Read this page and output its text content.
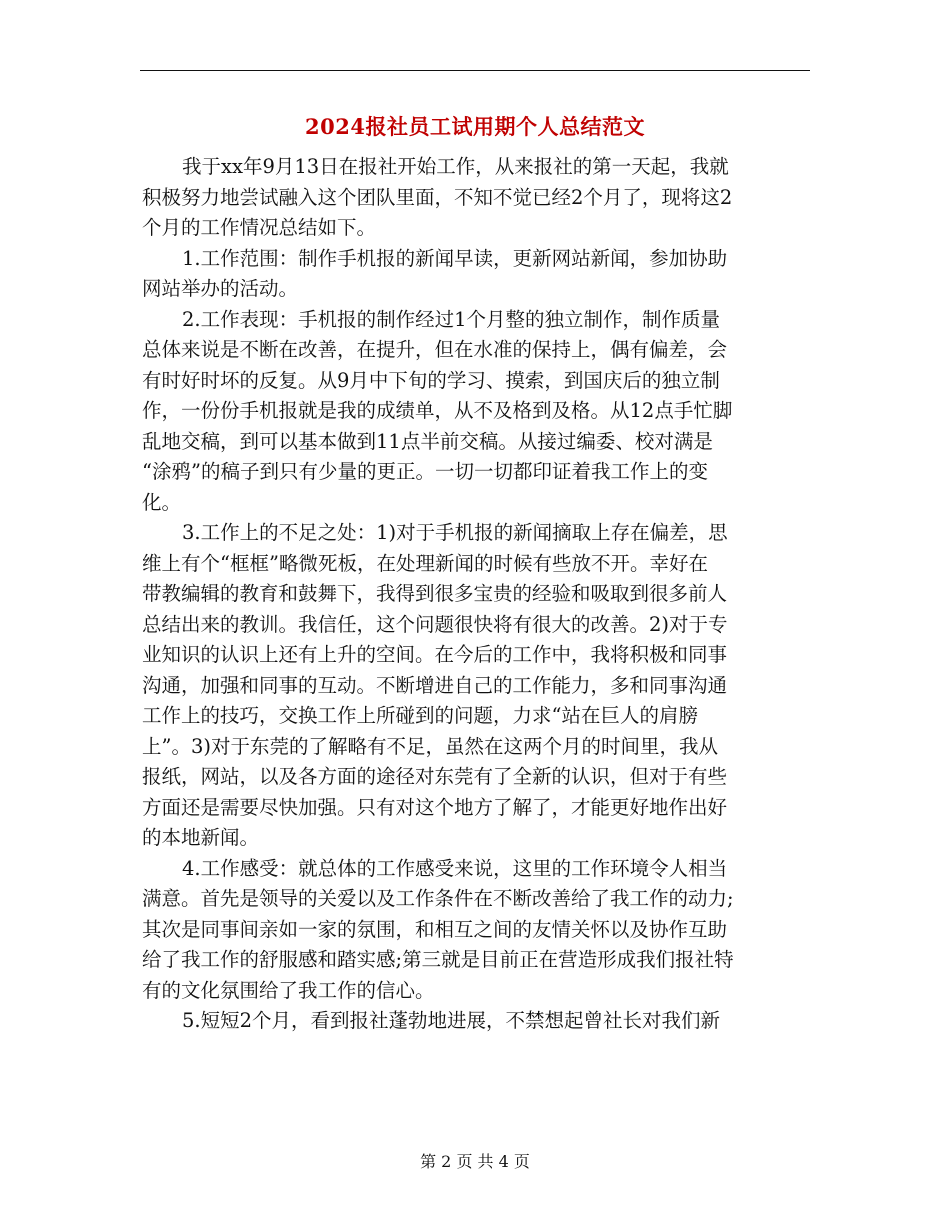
2024报社员工试用期个人总结范文
我于xx年9月13日在报社开始工作，从来报社的第一天起，我就
积极努力地尝试融入这个团队里面，不知不觉已经2个月了，现将这2
个月的工作情况总结如下。
1.工作范围：制作手机报的新闻早读，更新网站新闻，参加协助
网站举办的活动。
2.工作表现：手机报的制作经过1个月整的独立制作，制作质量
总体来说是不断在改善，在提升，但在水准的保持上，偶有偏差，会
有时好时坏的反复。从9月中下旬的学习、摸索，到国庆后的独立制
作，一份份手机报就是我的成绩单，从不及格到及格。从12点手忙脚
乱地交稿，到可以基本做到11点半前交稿。从接过编委、校对满是
“涂鸦”的稿子到只有少量的更正。一切一切都印证着我工作上的变
化。
3.工作上的不足之处：1)对于手机报的新闻摘取上存在偏差，思
维上有个“框框”略微死板，在处理新闻的时候有些放不开。幸好在
带教编辑的教育和鼓舞下，我得到很多宝贵的经验和吸取到很多前人
总结出来的教训。我信任，这个问题很快将有很大的改善。2)对于专
业知识的认识上还有上升的空间。在今后的工作中，我将积极和同事
沟通，加强和同事的互动。不断增进自己的工作能力，多和同事沟通
工作上的技巧，交换工作上所碰到的问题，力求“站在巨人的肩膀
上”。3)对于东莞的了解略有不足，虽然在这两个月的时间里，我从
报纸，网站，以及各方面的途径对东莞有了全新的认识，但对于有些
方面还是需要尽快加强。只有对这个地方了解了，才能更好地作出好
的本地新闻。
4.工作感受：就总体的工作感受来说，这里的工作环境令人相当
满意。首先是领导的关爱以及工作条件在不断改善给了我工作的动力;
其次是同事间亲如一家的氛围，和相互之间的友情关怀以及协作互助
给了我工作的舒服感和踏实感;第三就是目前正在营造形成我们报社特
有的文化氛围给了我工作的信心。
5.短短2个月，看到报社蓬勃地进展，不禁想起曾社长对我们新
第 2 页 共 4 页
